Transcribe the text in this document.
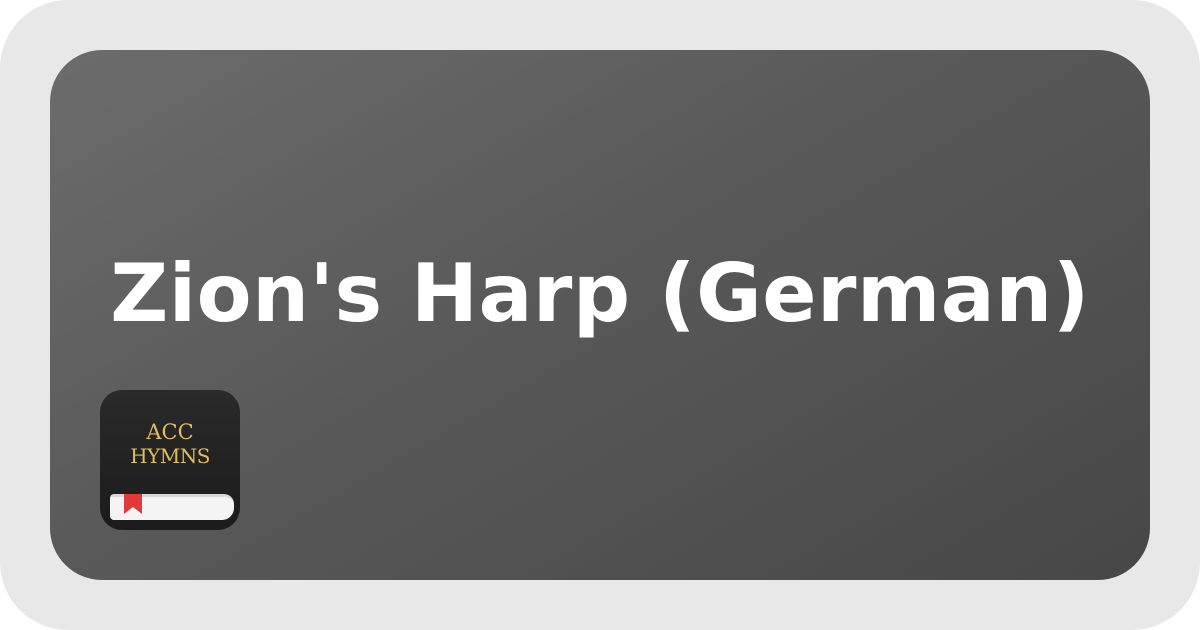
Zion's Harp (German)
ACC
HYMNS
